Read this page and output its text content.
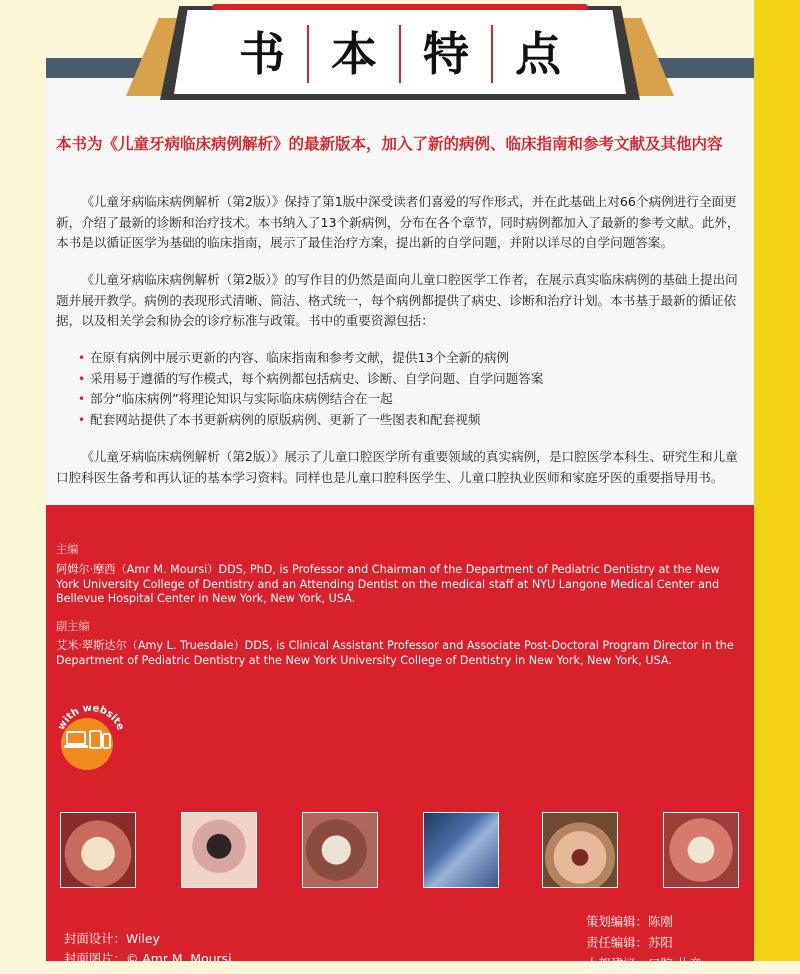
书	本	特	点
本书为《儿童牙病临床病例解析》的最新版本，加入了新的病例、临床指南和参考文献及其他内容
《儿童牙病临床病例解析（第2版）》保持了第1版中深受读者们喜爱的写作形式，并在此基础上对66个病例进行全面更新，介绍了最新的诊断和治疗技术。本书纳入了13个新病例，分布在各个章节，同时病例都加入了最新的参考文献。此外，本书是以循证医学为基础的临床指南，展示了最佳治疗方案，提出新的自学问题，并附以详尽的自学问题答案。
《儿童牙病临床病例解析（第2版）》的写作目的仍然是面向儿童口腔医学工作者，在展示真实临床病例的基础上提出问题并展开教学。病例的表现形式清晰、简洁、格式统一，每个病例都提供了病史、诊断和治疗计划。本书基于最新的循证依据，以及相关学会和协会的诊疗标准与政策。书中的重要资源包括：
• 在原有病例中展示更新的内容、临床指南和参考文献，提供13个全新的病例
• 采用易于遵循的写作模式，每个病例都包括病史、诊断、自学问题、自学问题答案
• 部分“临床病例”将理论知识与实际临床病例结合在一起
• 配套网站提供了本书更新病例的原版病例、更新了一些图表和配套视频
《儿童牙病临床病例解析（第2版）》展示了儿童口腔医学所有重要领域的真实病例，是口腔医学本科生、研究生和儿童口腔科医生备考和再认证的基本学习资料。同样也是儿童口腔科医学生、儿童口腔执业医师和家庭牙医的重要指导用书。
主编
阿姆尔·摩西（Amr M. Moursi）DDS, PhD, is Professor and Chairman of the Department of Pediatric Dentistry at the New York University College of Dentistry and an Attending Dentist on the medical staff at NYU Langone Medical Center and Bellevue Hospital Center in New York, New York, USA.
副主编
艾米·翠斯达尔（Amy L. Truesdale）DDS, is Clinical Assistant Professor and Associate Post-Doctoral Program Director in the Department of Pediatric Dentistry at the New York University College of Dentistry in New York, New York, USA.
with website
封面设计：Wiley
封面图片：© Amr M. Moursi
策划编辑：陈刚
责任编辑：苏阳
上架建议：口腔 儿童
